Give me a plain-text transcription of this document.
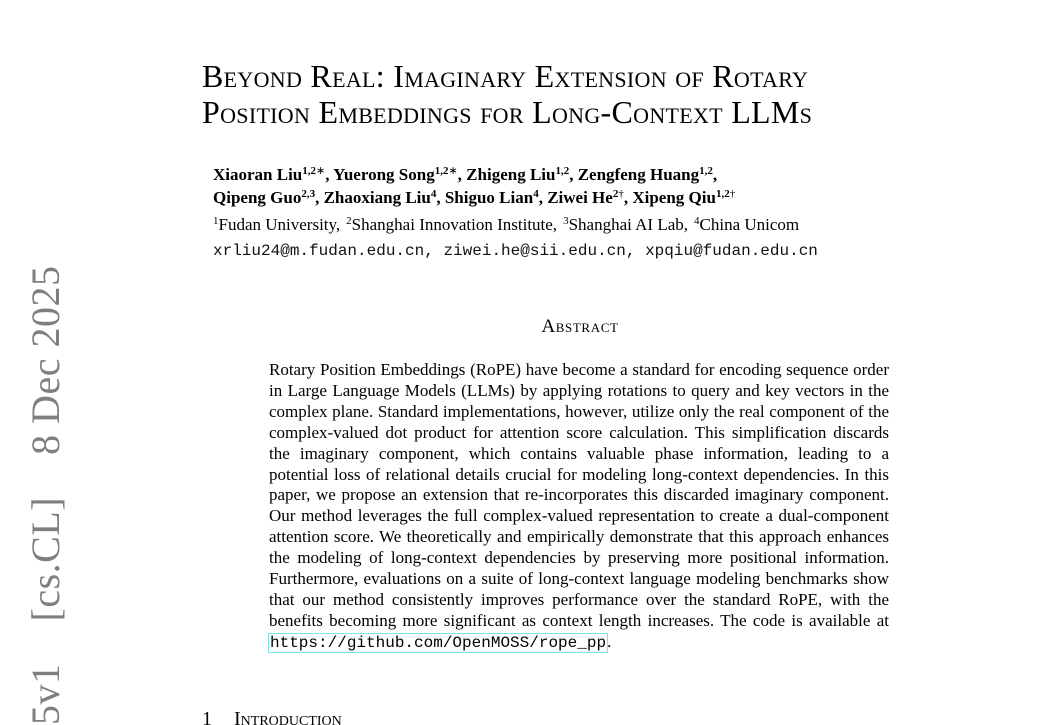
5v1    [cs.CL]    8 Dec 2025
Beyond Real: Imaginary Extension of Rotary
Position Embeddings for Long-Context LLMs
Xiaoran Liu$^{1,2∗}$, Yuerong Song$^{1,2∗}$, Zhigeng Liu$^{1,2}$, Zengfeng Huang$^{1,2}$,
Qipeng Guo$^{2,3}$, Zhaoxiang Liu$^4$, Shiguo Lian$^4$, Ziwei $He^{2\dagger}$, Xipeng Qiu$^{1,2\dagger}$
$^1$Fudan University, $^2$Shanghai Innovation Institute, $^3$Shanghai AI Lab, $^4$China Unicom
xrliu24@m.fudan.edu.cn, ziwei.he@sii.edu.cn, xpqiu@fudan.edu.cn
Abstract

Rotary Position Embeddings (RoPE) have become a standard for encoding sequence order in Large Language Models (LLMs) by applying rotations to query and key vectors in the complex plane. Standard implementations, however, utilize only the real component of the complex-valued dot product for attention score calculation. This simplification discards the imaginary component, which contains valuable phase information, leading to a potential loss of relational details crucial for modeling long-context dependencies. In this paper, we propose an extension that re-incorporates this discarded imaginary component. Our method leverages the full complex-valued representation to create a dual-component attention score. We theoretically and empirically demonstrate that this approach enhances the modeling of long-context dependencies by preserving more positional information. Furthermore, evaluations on a suite of long-context language modeling benchmarks show that our method consistently improves performance over the standard RoPE, with the benefits becoming more significant as context length increases. The code is available at https://github.com/OpenMOSS/rope_pp.

1 Introduction
